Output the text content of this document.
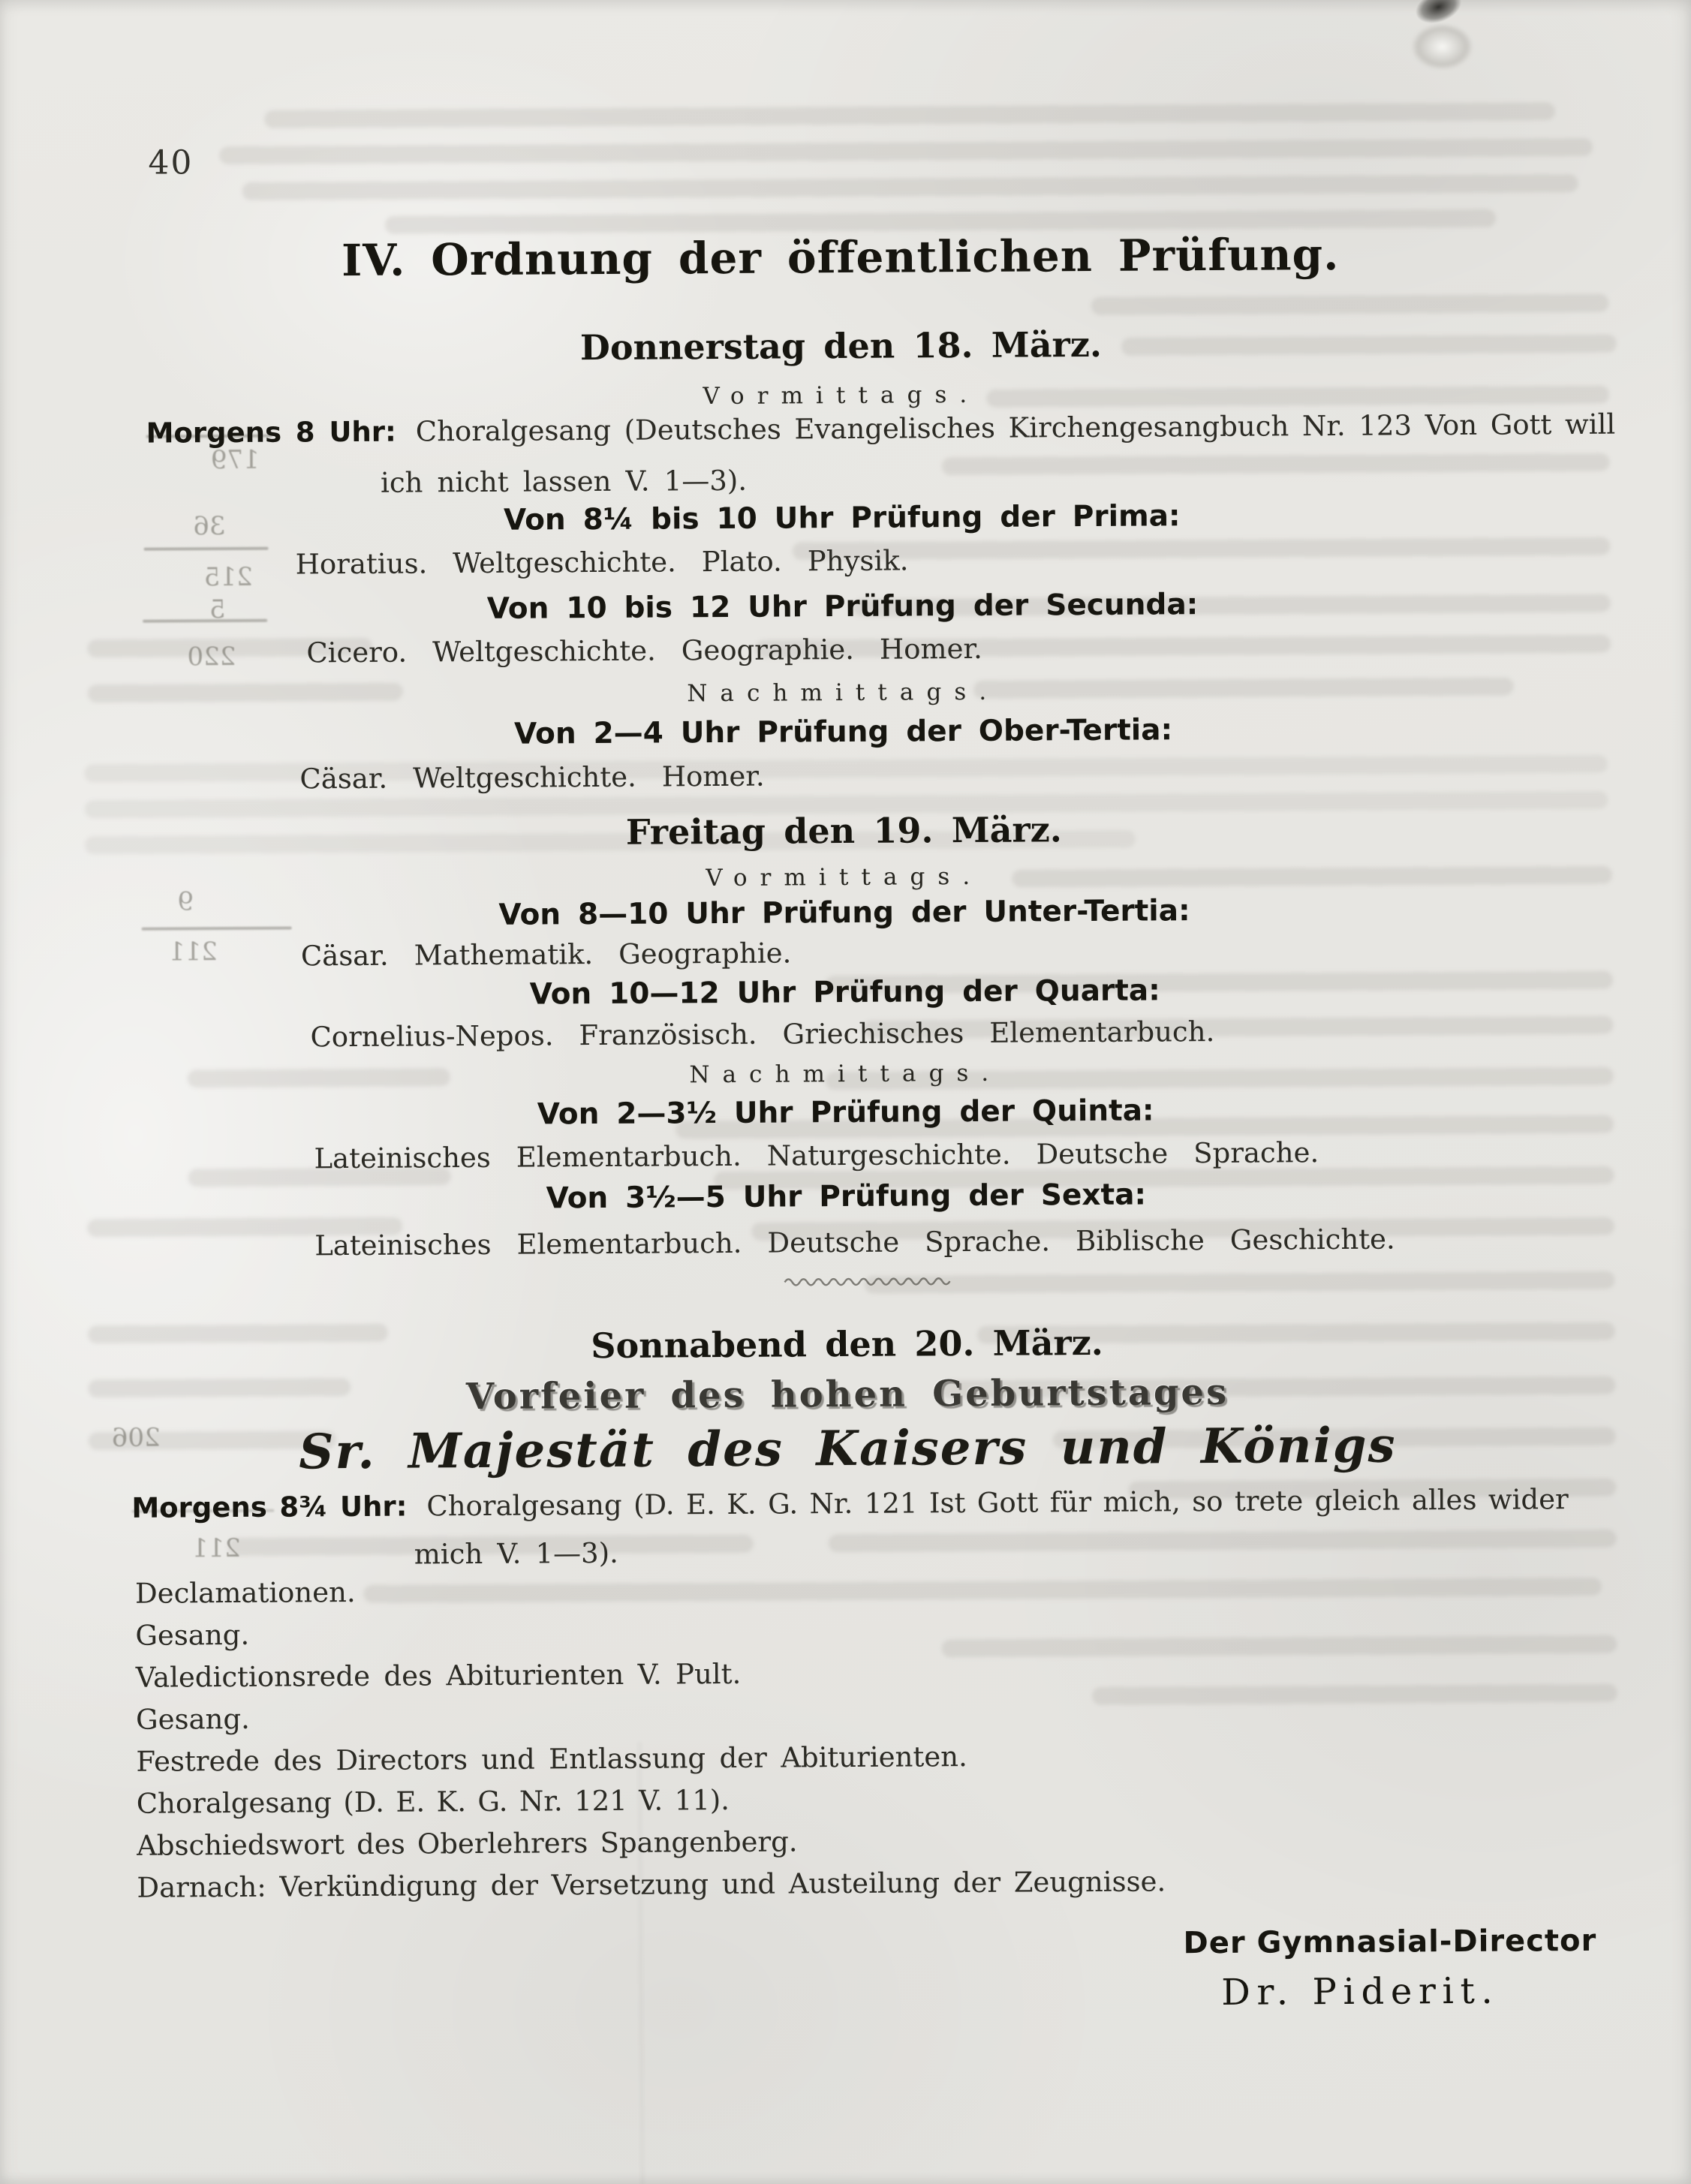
179
36
215
5
220
9
211
206
211
40
IV. Ordnung der öffentlichen Prüfung.
Donnerstag den 18. März.
Vormittags.
Morgens 8 Uhr: Choralgesang (Deutsches Evangelisches Kirchengesangbuch Nr. 123 Von Gott will
ich nicht lassen V. 1—3).
Von 8¼ bis 10 Uhr Prüfung der Prima:
Horatius. Weltgeschichte. Plato. Physik.
Von 10 bis 12 Uhr Prüfung der Secunda:
Cicero. Weltgeschichte. Geographie. Homer.
Nachmittags.
Von 2—4 Uhr Prüfung der Ober-Tertia:
Cäsar. Weltgeschichte. Homer.
Freitag den 19. März.
Vormittags.
Von 8—10 Uhr Prüfung der Unter-Tertia:
Cäsar. Mathematik. Geographie.
Von 10—12 Uhr Prüfung der Quarta:
Cornelius-Nepos. Französisch. Griechisches Elementarbuch.
Nachmittags.
Von 2—3½ Uhr Prüfung der Quinta:
Lateinisches Elementarbuch. Naturgeschichte. Deutsche Sprache.
Von 3½—5 Uhr Prüfung der Sexta:
Lateinisches Elementarbuch. Deutsche Sprache. Biblische Geschichte.
Sonnabend den 20. März.
Vorfeier des hohen Geburtstages
Sr. Majestät des Kaisers und Königs
Morgens 8¾ Uhr: Choralgesang (D. E. K. G. Nr. 121 Ist Gott für mich, so trete gleich alles wider
mich V. 1—3).
Declamationen.
Gesang.
Valedictionsrede des Abiturienten V. Pult.
Gesang.
Festrede des Directors und Entlassung der Abiturienten.
Choralgesang (D. E. K. G. Nr. 121 V. 11).
Abschiedswort des Oberlehrers Spangenberg.
Darnach: Verkündigung der Versetzung und Austeilung der Zeugnisse.
Der Gymnasial-Director
Dr. Piderit.
